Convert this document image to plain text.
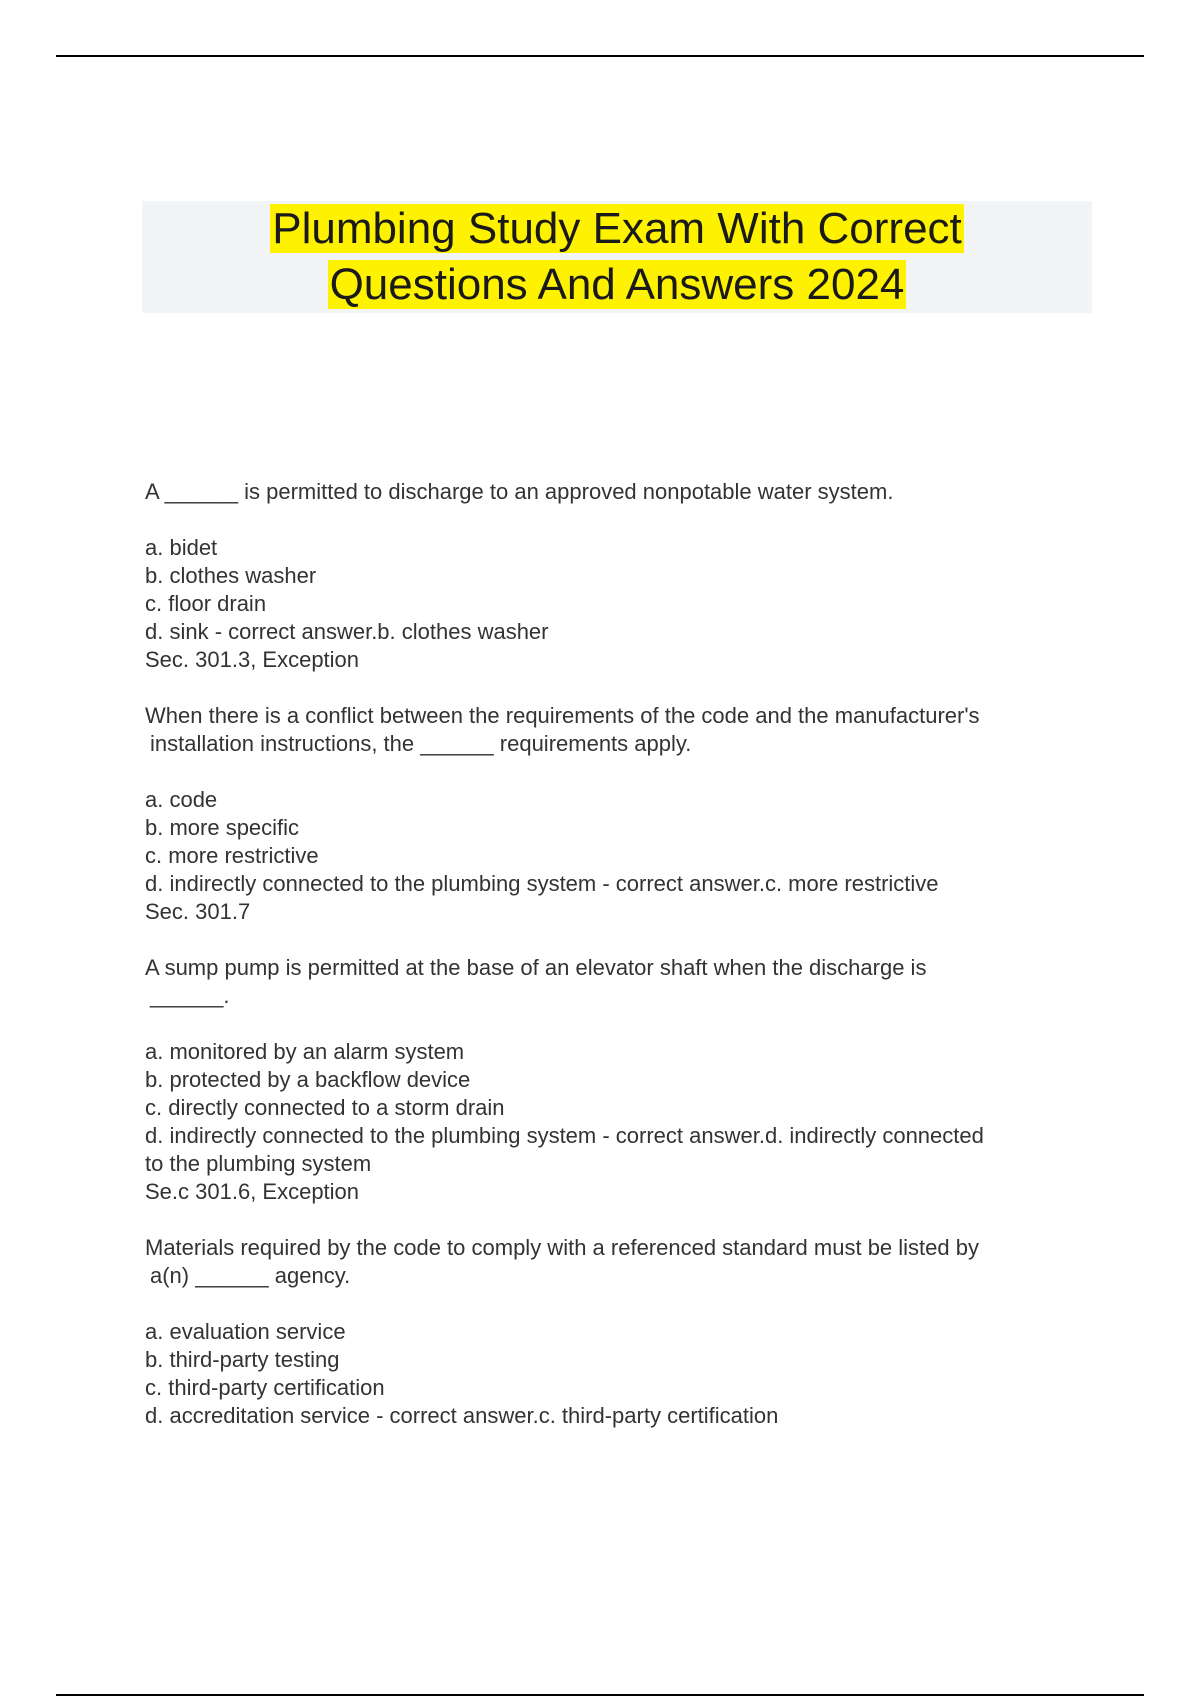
Plumbing Study Exam With Correct
Questions And Answers 2024
A ______ is permitted to discharge to an approved nonpotable water system.
a. bidet
b. clothes washer
c. floor drain
d. sink - correct answer.b. clothes washer
Sec. 301.3, Exception
When there is a conflict between the requirements of the code and the manufacturer's
installation instructions, the ______ requirements apply.
a. code
b. more specific
c. more restrictive
d. indirectly connected to the plumbing system - correct answer.c. more restrictive
Sec. 301.7
A sump pump is permitted at the base of an elevator shaft when the discharge is
______.
a. monitored by an alarm system
b. protected by a backflow device
c. directly connected to a storm drain
d. indirectly connected to the plumbing system - correct answer.d. indirectly connected
to the plumbing system
Se.c 301.6, Exception
Materials required by the code to comply with a referenced standard must be listed by
a(n) ______ agency.
a. evaluation service
b. third-party testing
c. third-party certification
d. accreditation service - correct answer.c. third-party certification
